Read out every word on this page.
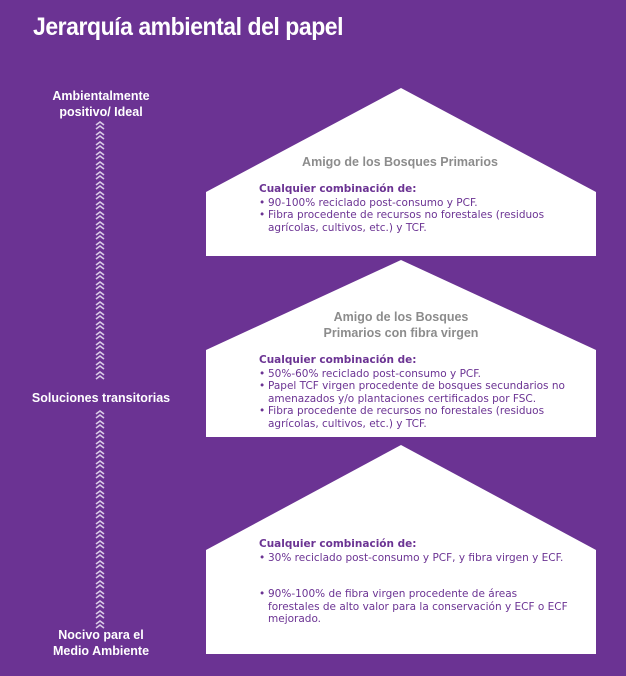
Jerarquía ambiental del papel
Ambientalmente positivo/ Ideal
Soluciones transitorias
Nocivo para el Medio Ambiente
Amigo de los Bosques Primarios
Cualquier combinación de:
• 90-100% reciclado post-consumo y PCF.
• Fibra procedente de recursos no forestales (residuos agrícolas, cultivos, etc.) y TCF.
Amigo de los Bosques
Primarios con fibra virgen
Cualquier combinación de:
• 50%-60% reciclado post-consumo y PCF.
• Papel TCF virgen procedente de bosques secundarios no amenazados y/o plantaciones certificados por FSC.
• Fibra procedente de recursos no forestales (residuos agrícolas, cultivos, etc.) y TCF.
Cualquier combinación de:
• 30% reciclado post-consumo y PCF, y fibra virgen y ECF.
• 90%-100% de fibra virgen procedente de áreas forestales de alto valor para la conservación y ECF o ECF mejorado.
